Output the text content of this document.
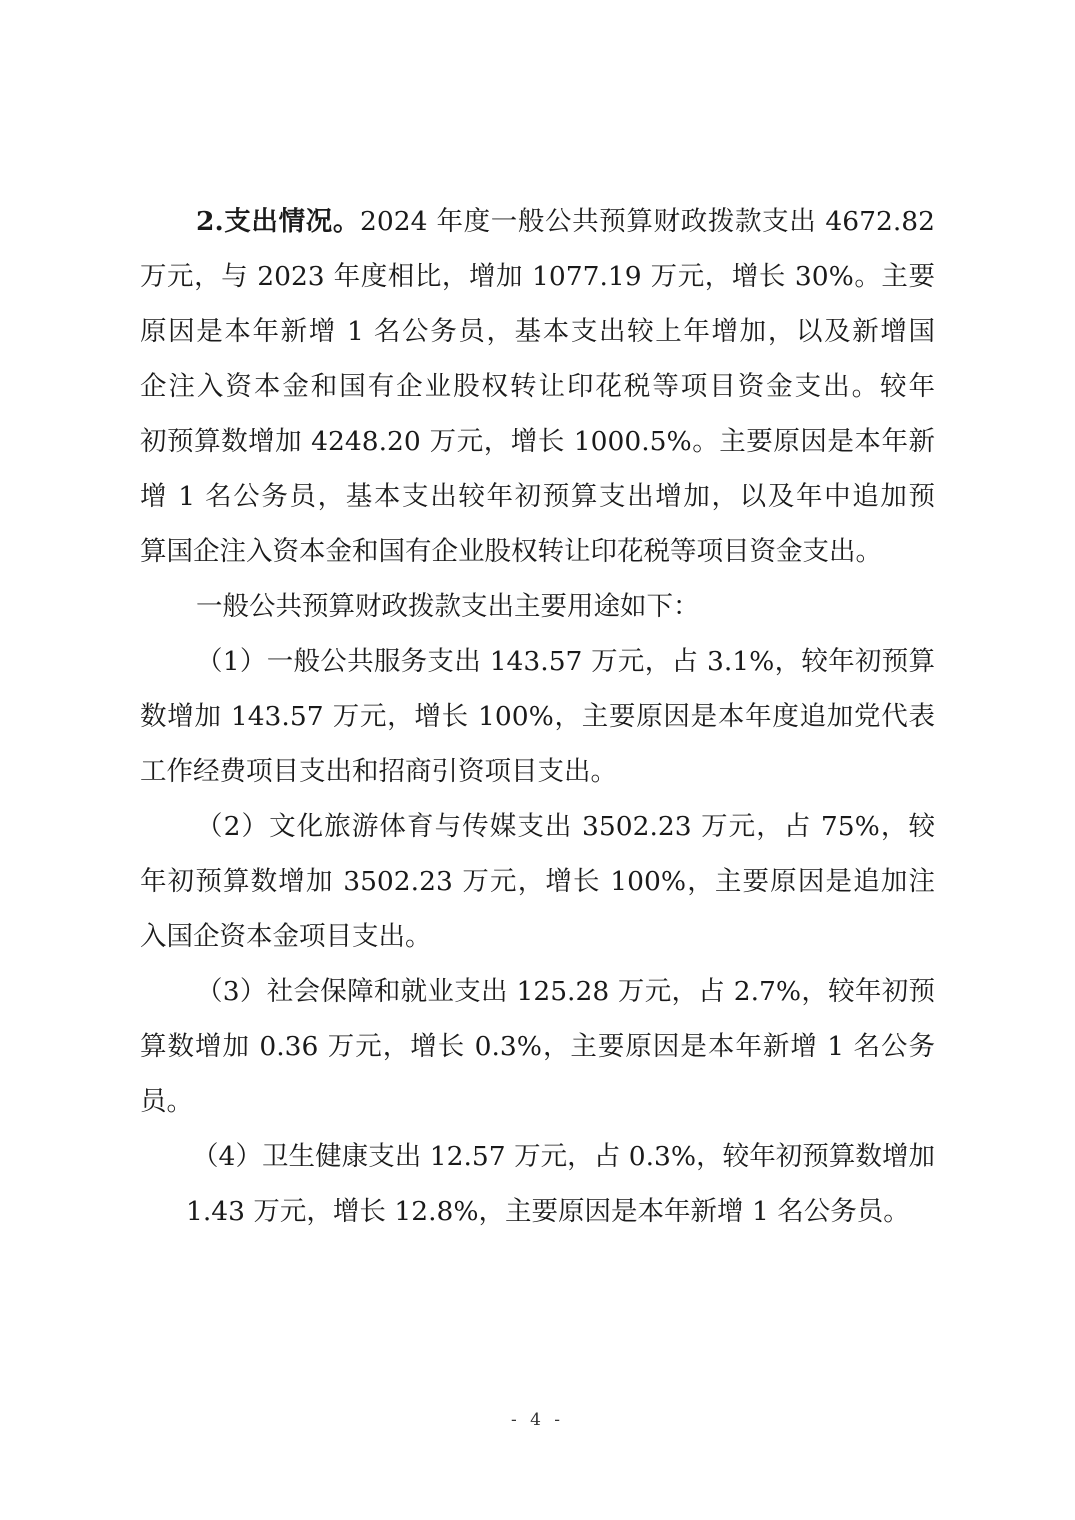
2.支出情况。2024 年度一般公共预算财政拨款支出 4672.82
万元，与 2023 年度相比，增加 1077.19 万元，增长 30%。主要
原因是本年新增 1 名公务员，基本支出较上年增加，以及新增国
企注入资本金和国有企业股权转让印花税等项目资金支出。较年
初预算数增加 4248.20 万元，增长 1000.5%。主要原因是本年新
增 1 名公务员，基本支出较年初预算支出增加，以及年中追加预
算国企注入资本金和国有企业股权转让印花税等项目资金支出。
一般公共预算财政拨款支出主要用途如下：
（1）一般公共服务支出 143.57 万元，占 3.1%，较年初预算
数增加 143.57 万元，增长 100%，主要原因是本年度追加党代表
工作经费项目支出和招商引资项目支出。
（2）文化旅游体育与传媒支出 3502.23 万元，占 75%，较
年初预算数增加 3502.23 万元，增长 100%，主要原因是追加注
入国企资本金项目支出。
（3）社会保障和就业支出 125.28 万元，占 2.7%，较年初预
算数增加 0.36 万元，增长 0.3%，主要原因是本年新增 1 名公务
员。
（4）卫生健康支出 12.57 万元，占 0.3%，较年初预算数增加
1.43 万元，增长 12.8%，主要原因是本年新增 1 名公务员。
- 4 -
